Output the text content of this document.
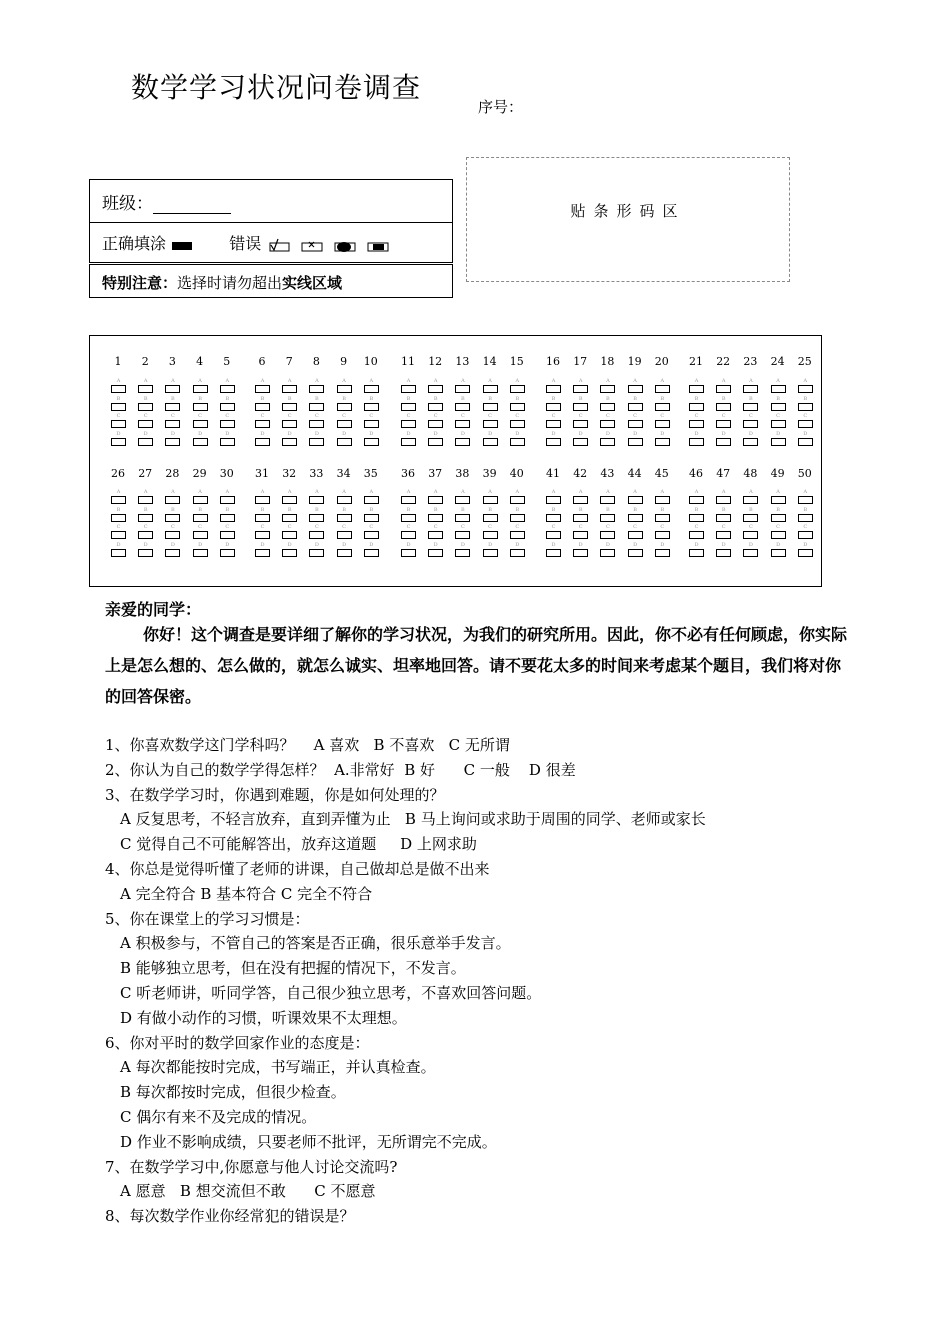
数学学习状况问卷调查
序号：
班级：
正确填涂	错误
特别注意：选择时请勿超出实线区域
贴条形码区
1
A
B
C
D
2
A
B
C
D
3
A
B
C
D
4
A
B
C
D
5
A
B
C
D
6
A
B
C
D
7
A
B
C
D
8
A
B
C
D
9
A
B
C
D
10
A
B
C
D
11
A
B
C
D
12
A
B
C
D
13
A
B
C
D
14
A
B
C
D
15
A
B
C
D
16
A
B
C
D
17
A
B
C
D
18
A
B
C
D
19
A
B
C
D
20
A
B
C
D
21
A
B
C
D
22
A
B
C
D
23
A
B
C
D
24
A
B
C
D
25
A
B
C
D
26
A
B
C
D
27
A
B
C
D
28
A
B
C
D
29
A
B
C
D
30
A
B
C
D
31
A
B
C
D
32
A
B
C
D
33
A
B
C
D
34
A
B
C
D
35
A
B
C
D
36
A
B
C
D
37
A
B
C
D
38
A
B
C
D
39
A
B
C
D
40
A
B
C
D
41
A
B
C
D
42
A
B
C
D
43
A
B
C
D
44
A
B
C
D
45
A
B
C
D
46
A
B
C
D
47
A
B
C
D
48
A
B
C
D
49
A
B
C
D
50
A
B
C
D
亲爱的同学：

你好！这个调查是要详细了解你的学习状况，为我们的研究所用。因此，你不必有任何顾虑，你实际上是怎么想的、怎么做的，就怎么诚实、坦率地回答。请不要花太多的时间来考虑某个题目，我们将对你的回答保密。

1、你喜欢数学这门学科吗？    A 喜欢   B 不喜欢   C 无所谓
2、你认为自己的数学学得怎样？  A.非常好  B 好      C 一般    D 很差
3、在数学学习时，你遇到难题，你是如何处理的？
A 反复思考，不轻言放弃，直到弄懂为止   B 马上询问或求助于周围的同学、老师或家长
C 觉得自己不可能解答出，放弃这道题     D 上网求助
4、你总是觉得听懂了老师的讲课，自己做却总是做不出来
A 完全符合 B 基本符合 C 完全不符合
5、你在课堂上的学习习惯是：
A 积极参与，不管自己的答案是否正确，很乐意举手发言。
B 能够独立思考，但在没有把握的情况下，不发言。
C 听老师讲，听同学答，自己很少独立思考，不喜欢回答问题。
D 有做小动作的习惯，听课效果不太理想。
6、你对平时的数学回家作业的态度是：
A 每次都能按时完成，书写端正，并认真检查。
B 每次都按时完成，但很少检查。
C 偶尔有来不及完成的情况。
D 作业不影响成绩，只要老师不批评，无所谓完不完成。
7、在数学学习中,你愿意与他人讨论交流吗?
A 愿意   B 想交流但不敢      C 不愿意
8、每次数学作业你经常犯的错误是？
